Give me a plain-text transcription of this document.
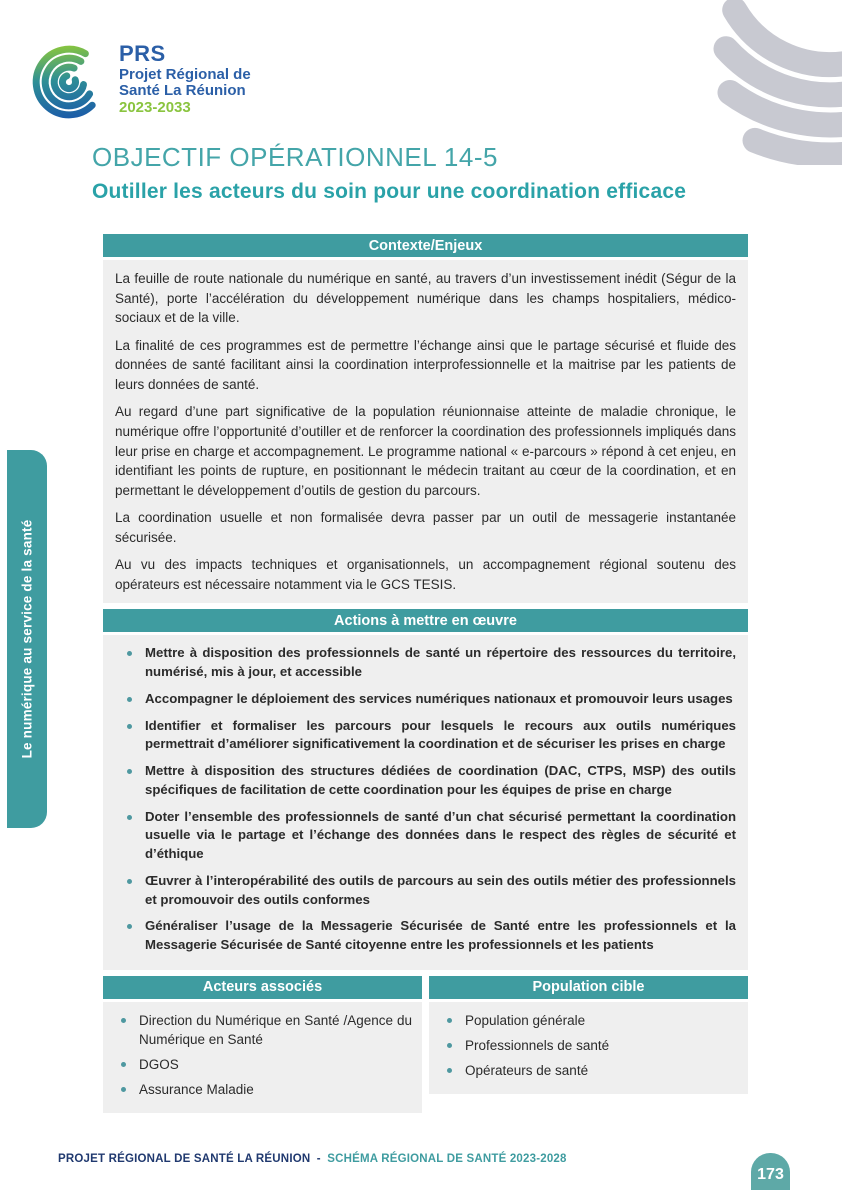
PRS
Projet Régional de
Santé La Réunion
2023-2033
Le numérique au service de la santé
OBJECTIF OPÉRATIONNEL 14-5
Outiller les acteurs du soin pour une coordination efficace
Contexte/Enjeux

La feuille de route nationale du numérique en santé, au travers d’un investissement inédit (Ségur de la Santé), porte l’accélération du développement numérique dans les champs hospitaliers, médico-sociaux et de la ville.

La finalité de ces programmes est de permettre l’échange ainsi que le partage sécurisé et fluide des données de santé facilitant ainsi la coordination interprofessionnelle et la maitrise par les patients de leurs données de santé.

Au regard d’une part significative de la population réunionnaise atteinte de maladie chronique, le numérique offre l’opportunité d’outiller et de renforcer la coordination des professionnels impliqués dans leur prise en charge et accompagnement. Le programme national « e-parcours » répond à cet enjeu, en identifiant les points de rupture, en positionnant le médecin traitant au cœur de la coordination, et en permettant le développement d’outils de gestion du parcours.

La coordination usuelle et non formalisée devra passer par un outil de messagerie instantanée sécurisée.

Au vu des impacts techniques et organisationnels, un accompagnement régional soutenu des opérateurs est nécessaire notamment via le GCS TESIS.

Actions à mettre en œuvre
Mettre à disposition des professionnels de santé un répertoire des ressources du territoire, numérisé, mis à jour, et accessible
Accompagner le déploiement des services numériques nationaux et promouvoir leurs usages
Identifier et formaliser les parcours pour lesquels le recours aux outils numériques permettrait d’améliorer significativement la coordination et de sécuriser les prises en charge
Mettre à disposition des structures dédiées de coordination (DAC, CTPS, MSP) des outils spécifiques de facilitation de cette coordination pour les équipes de prise en charge
Doter l’ensemble des professionnels de santé d’un chat sécurisé permettant la coordination usuelle via le partage et l’échange des données dans le respect des règles de sécurité et d’éthique
Œuvrer à l’interopérabilité des outils de parcours au sein des outils métier des professionnels et promouvoir des outils conformes
Généraliser l’usage de la Messagerie Sécurisée de Santé entre les professionnels et la Messagerie Sécurisée de Santé citoyenne entre les professionnels et les patients
Acteurs associés
Direction du Numérique en Santé /Agence du Numérique en Santé
DGOS
Assurance Maladie
Population cible
Population générale
Professionnels de santé
Opérateurs de santé
PROJET RÉGIONAL DE SANTÉ LA RÉUNION - SCHÉMA RÉGIONAL DE SANTÉ 2023-2028
173
